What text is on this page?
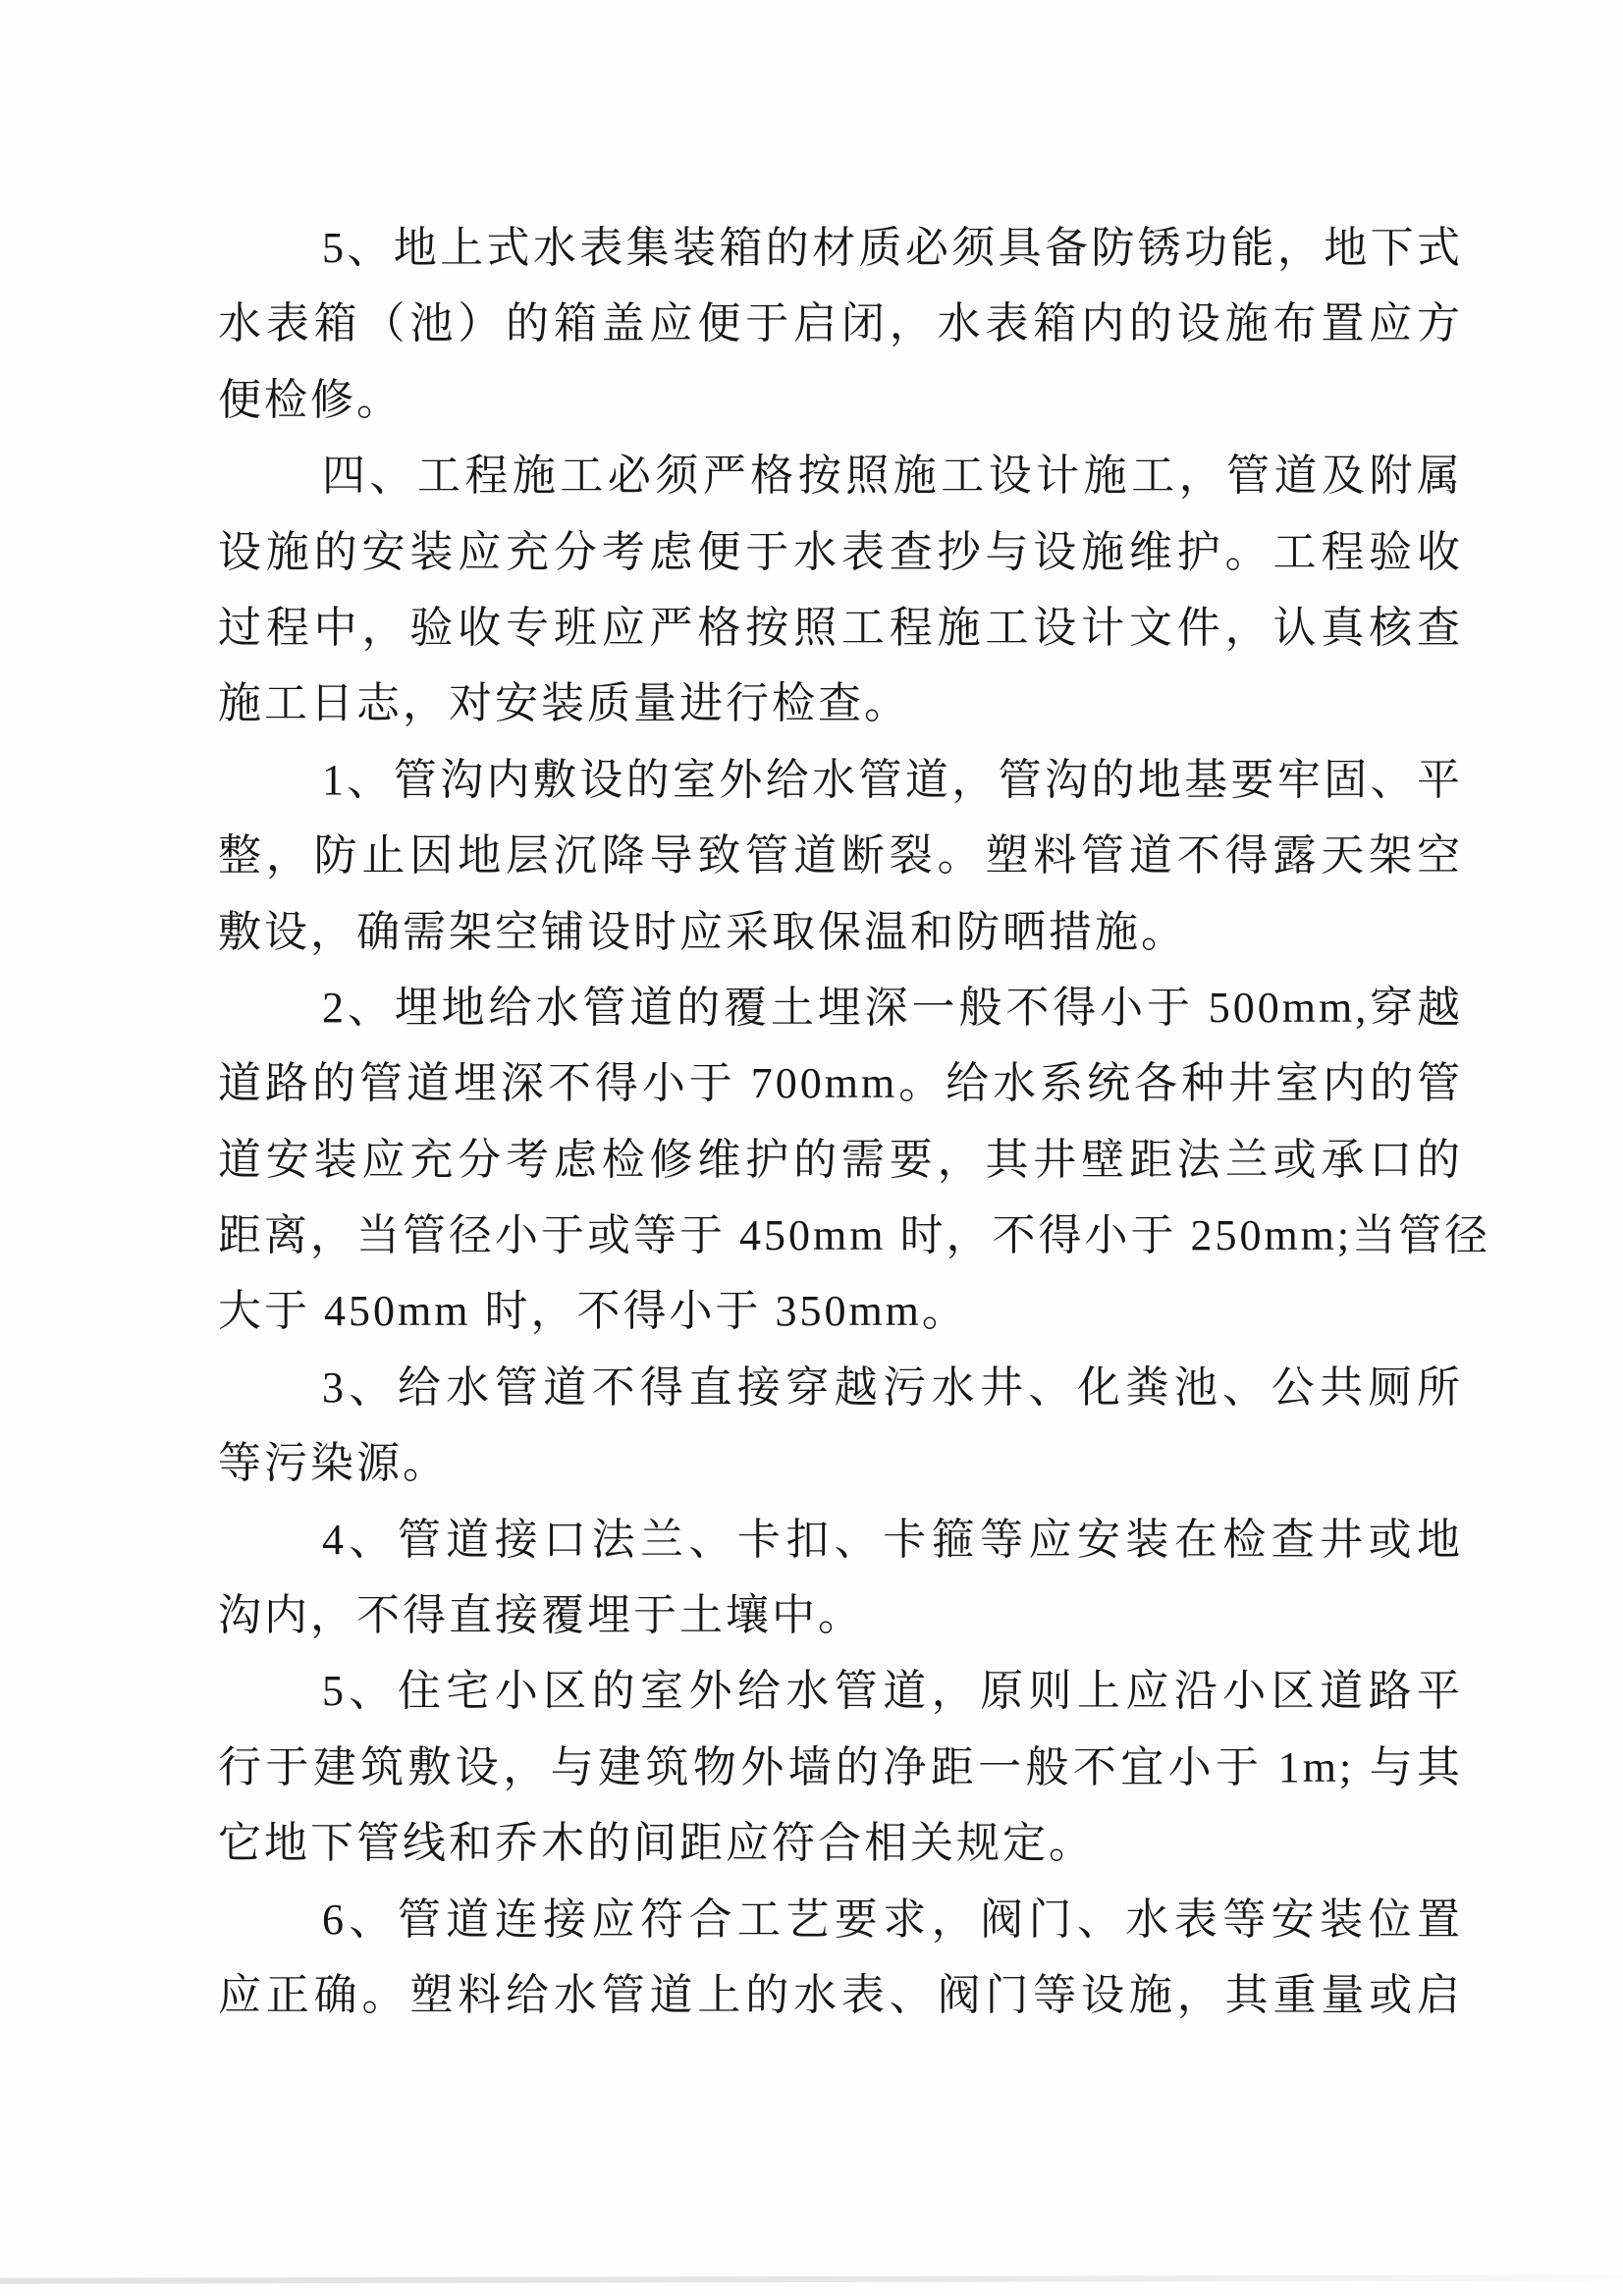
5、地上式水表集装箱的材质必须具备防锈功能，地下式
水表箱（池）的箱盖应便于启闭，水表箱内的设施布置应方
便检修。
四、工程施工必须严格按照施工设计施工，管道及附属
设施的安装应充分考虑便于水表查抄与设施维护。工程验收
过程中，验收专班应严格按照工程施工设计文件，认真核查
施工日志，对安装质量进行检查。
1、管沟内敷设的室外给水管道，管沟的地基要牢固、平
整，防止因地层沉降导致管道断裂。塑料管道不得露天架空
敷设，确需架空铺设时应采取保温和防晒措施。
2、埋地给水管道的覆土埋深一般不得小于 500mm,穿越
道路的管道埋深不得小于 700mm。给水系统各种井室内的管
道安装应充分考虑检修维护的需要，其井壁距法兰或承口的
距离，当管径小于或等于 450mm 时，不得小于 250mm;当管径
大于 450mm 时，不得小于 350mm。
3、给水管道不得直接穿越污水井、化粪池、公共厕所
等污染源。
4、管道接口法兰、卡扣、卡箍等应安装在检查井或地
沟内，不得直接覆埋于土壤中。
5、住宅小区的室外给水管道，原则上应沿小区道路平
行于建筑敷设，与建筑物外墙的净距一般不宜小于 1m; 与其
它地下管线和乔木的间距应符合相关规定。
6、管道连接应符合工艺要求，阀门、水表等安装位置
应正确。塑料给水管道上的水表、阀门等设施，其重量或启
